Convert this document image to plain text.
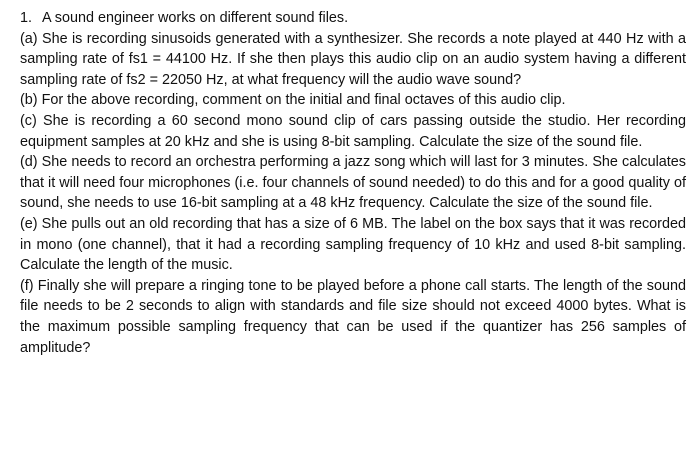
1. A sound engineer works on different sound files.

(a) She is recording sinusoids generated with a synthesizer. She records a note played at 440 Hz with a sampling rate of fs1 = 44100 Hz. If she then plays this audio clip on an audio system having a different sampling rate of fs2 = 22050 Hz, at what frequency will the audio wave sound?

(b) For the above recording, comment on the initial and final octaves of this audio clip.

(c) She is recording a 60 second mono sound clip of cars passing outside the studio. Her recording equipment samples at 20 kHz and she is using 8-bit sampling. Calculate the size of the sound file.

(d) She needs to record an orchestra performing a jazz song which will last for 3 minutes. She calculates that it will need four microphones (i.e. four channels of sound needed) to do this and for a good quality of sound, she needs to use 16-bit sampling at a 48 kHz frequency. Calculate the size of the sound file.

(e) She pulls out an old recording that has a size of 6 MB. The label on the box says that it was recorded in mono (one channel), that it had a recording sampling frequency of 10 kHz and used 8-bit sampling. Calculate the length of the music.

(f) Finally she will prepare a ringing tone to be played before a phone call starts. The length of the sound file needs to be 2 seconds to align with standards and file size should not exceed 4000 bytes. What is the maximum possible sampling frequency that can be used if the quantizer has 256 samples of amplitude?
